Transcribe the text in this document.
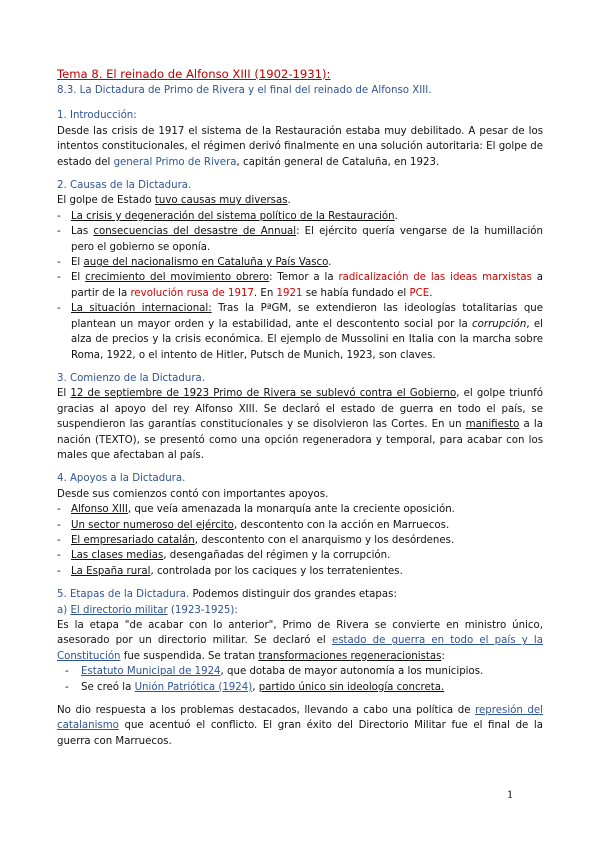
Tema 8. El reinado de Alfonso XIII (1902-1931):
8.3. La Dictadura de Primo de Rivera y el final del reinado de Alfonso XIII.
1. Introducción:

Desde las crisis de 1917 el sistema de la Restauración estaba muy debilitado. A pesar de los intentos constitucionales, el régimen derivó finalmente en una solución autoritaria: El golpe de estado del general Primo de Rivera, capitán general de Cataluña, en 1923.

2. Causas de la Dictadura.

El golpe de Estado tuvo causas muy diversas.

- La crisis y degeneración del sistema político de la Restauración.
- Las consecuencias del desastre de Annual: El ejército quería vengarse de la humillación pero el gobierno se oponía.
- El auge del nacionalismo en Cataluña y País Vasco.
- El crecimiento del movimiento obrero: Temor a la radicalización de las ideas marxistas a partir de la revolución rusa de 1917. En 1921 se había fundado el PCE.
- La situación internacional: Tras la PªGM, se extendieron las ideologías totalitarias que plantean un mayor orden y la estabilidad, ante el descontento social por la corrupción, el alza de precios y la crisis económica. El ejemplo de Mussolini en Italia con la marcha sobre Roma, 1922, o el intento de Hitler, Putsch de Munich, 1923, son claves.
3. Comienzo de la Dictadura.

El 12 de septiembre de 1923 Primo de Rivera se sublevó contra el Gobierno, el golpe triunfó gracias al apoyo del rey Alfonso XIII. Se declaró el estado de guerra en todo el país, se suspendieron las garantías constitucionales y se disolvieron las Cortes. En un manifiesto a la nación (TEXTO), se presentó como una opción regeneradora y temporal, para acabar con los males que afectaban al país.

4. Apoyos a la Dictadura.

Desde sus comienzos contó con importantes apoyos.

- Alfonso XIII, que veía amenazada la monarquía ante la creciente oposición.
- Un sector numeroso del ejército, descontento con la acción en Marruecos.
- El empresariado catalán, descontento con el anarquismo y los desórdenes.
- Las clases medias, desengañadas del régimen y la corrupción.
- La España rural, controlada por los caciques y los terratenientes.
5. Etapas de la Dictadura. Podemos distinguir dos grandes etapas:
a) El directorio militar (1923-1925):

Es la etapa "de acabar con lo anterior", Primo de Rivera se convierte en ministro único, asesorado por un directorio militar. Se declaró el estado de guerra en todo el país y la Constitución fue suspendida. Se tratan transformaciones regeneracionistas:

- Estatuto Municipal de 1924, que dotaba de mayor autonomía a los municipios.
- Se creó la Unión Patriótica (1924), partido único sin ideología concreta.

No dio respuesta a los problemas destacados, llevando a cabo una política de represión del catalanismo que acentuó el conflicto. El gran éxito del Directorio Militar fue el final de la guerra con Marruecos.

1
